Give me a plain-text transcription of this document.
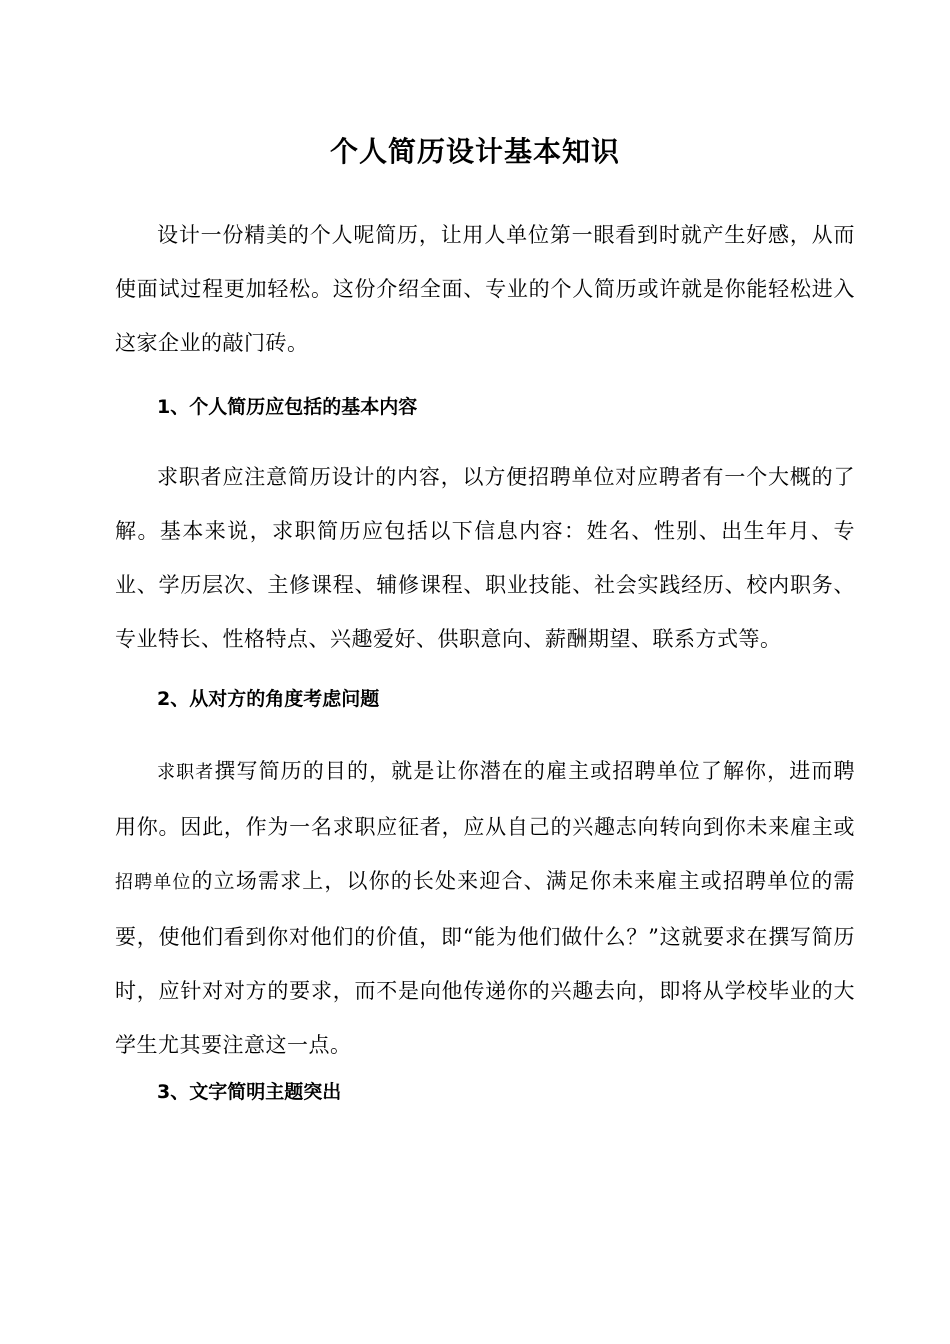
个人简历设计基本知识

设计一份精美的个人呢简历，让用人单位第一眼看到时就产生好感，从而使面试过程更加轻松。这份介绍全面、专业的个人简历或许就是你能轻松进入这家企业的敲门砖。

1、个人简历应包括的基本内容

求职者应注意简历设计的内容，以方便招聘单位对应聘者有一个大概的了解。基本来说，求职简历应包括以下信息内容：姓名、性别、出生年月、专业、学历层次、主修课程、辅修课程、职业技能、社会实践经历、校内职务、专业特长、性格特点、兴趣爱好、供职意向、薪酬期望、联系方式等。

2、从对方的角度考虑问题

求职者撰写简历的目的，就是让你潜在的雇主或招聘单位了解你，进而聘用你。因此，作为一名求职应征者，应从自己的兴趣志向转向到你未来雇主或招聘单位的立场需求上，以你的长处来迎合、满足你未来雇主或招聘单位的需要，使他们看到你对他们的价值，即“能为他们做什么？”这就要求在撰写简历时，应针对对方的要求，而不是向他传递你的兴趣去向，即将从学校毕业的大学生尤其要注意这一点。

3、文字简明主题突出
